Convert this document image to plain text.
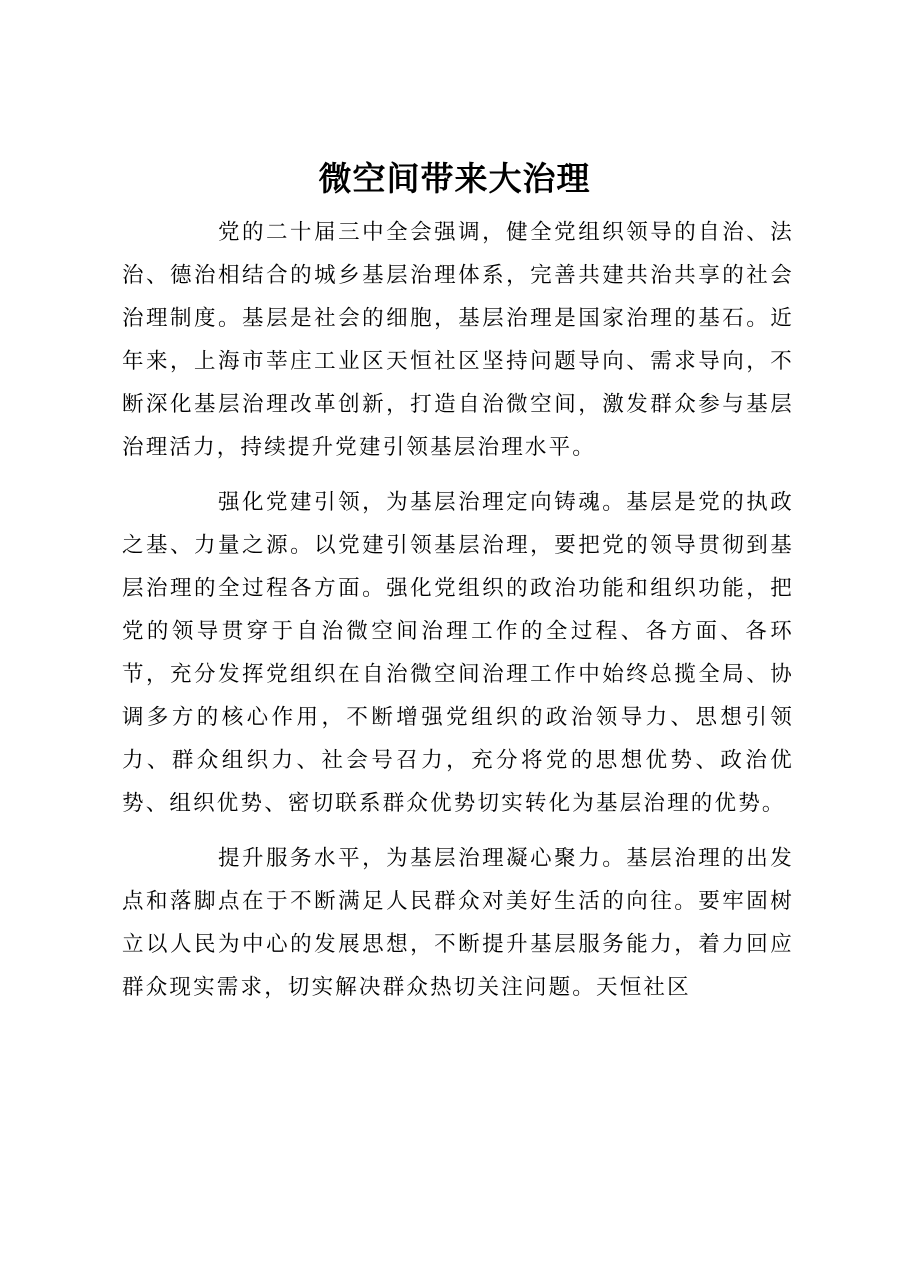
微空间带来大治理

党的二十届三中全会强调，健全党组织领导的自治、法治、德治相结合的城乡基层治理体系，完善共建共治共享的社会治理制度。基层是社会的细胞，基层治理是国家治理的基石。近年来，上海市莘庄工业区天恒社区坚持问题导向、需求导向，不断深化基层治理改革创新，打造自治微空间，激发群众参与基层治理活力，持续提升党建引领基层治理水平。

强化党建引领，为基层治理定向铸魂。基层是党的执政之基、力量之源。以党建引领基层治理，要把党的领导贯彻到基层治理的全过程各方面。强化党组织的政治功能和组织功能，把党的领导贯穿于自治微空间治理工作的全过程、各方面、各环节，充分发挥党组织在自治微空间治理工作中始终总揽全局、协调多方的核心作用，不断增强党组织的政治领导力、思想引领力、群众组织力、社会号召力，充分将党的思想优势、政治优势、组织优势、密切联系群众优势切实转化为基层治理的优势。

提升服务水平，为基层治理凝心聚力。基层治理的出发点和落脚点在于不断满足人民群众对美好生活的向往。要牢固树立以人民为中心的发展思想，不断提升基层服务能力，着力回应群众现实需求，切实解决群众热切关注问题。天恒社区
